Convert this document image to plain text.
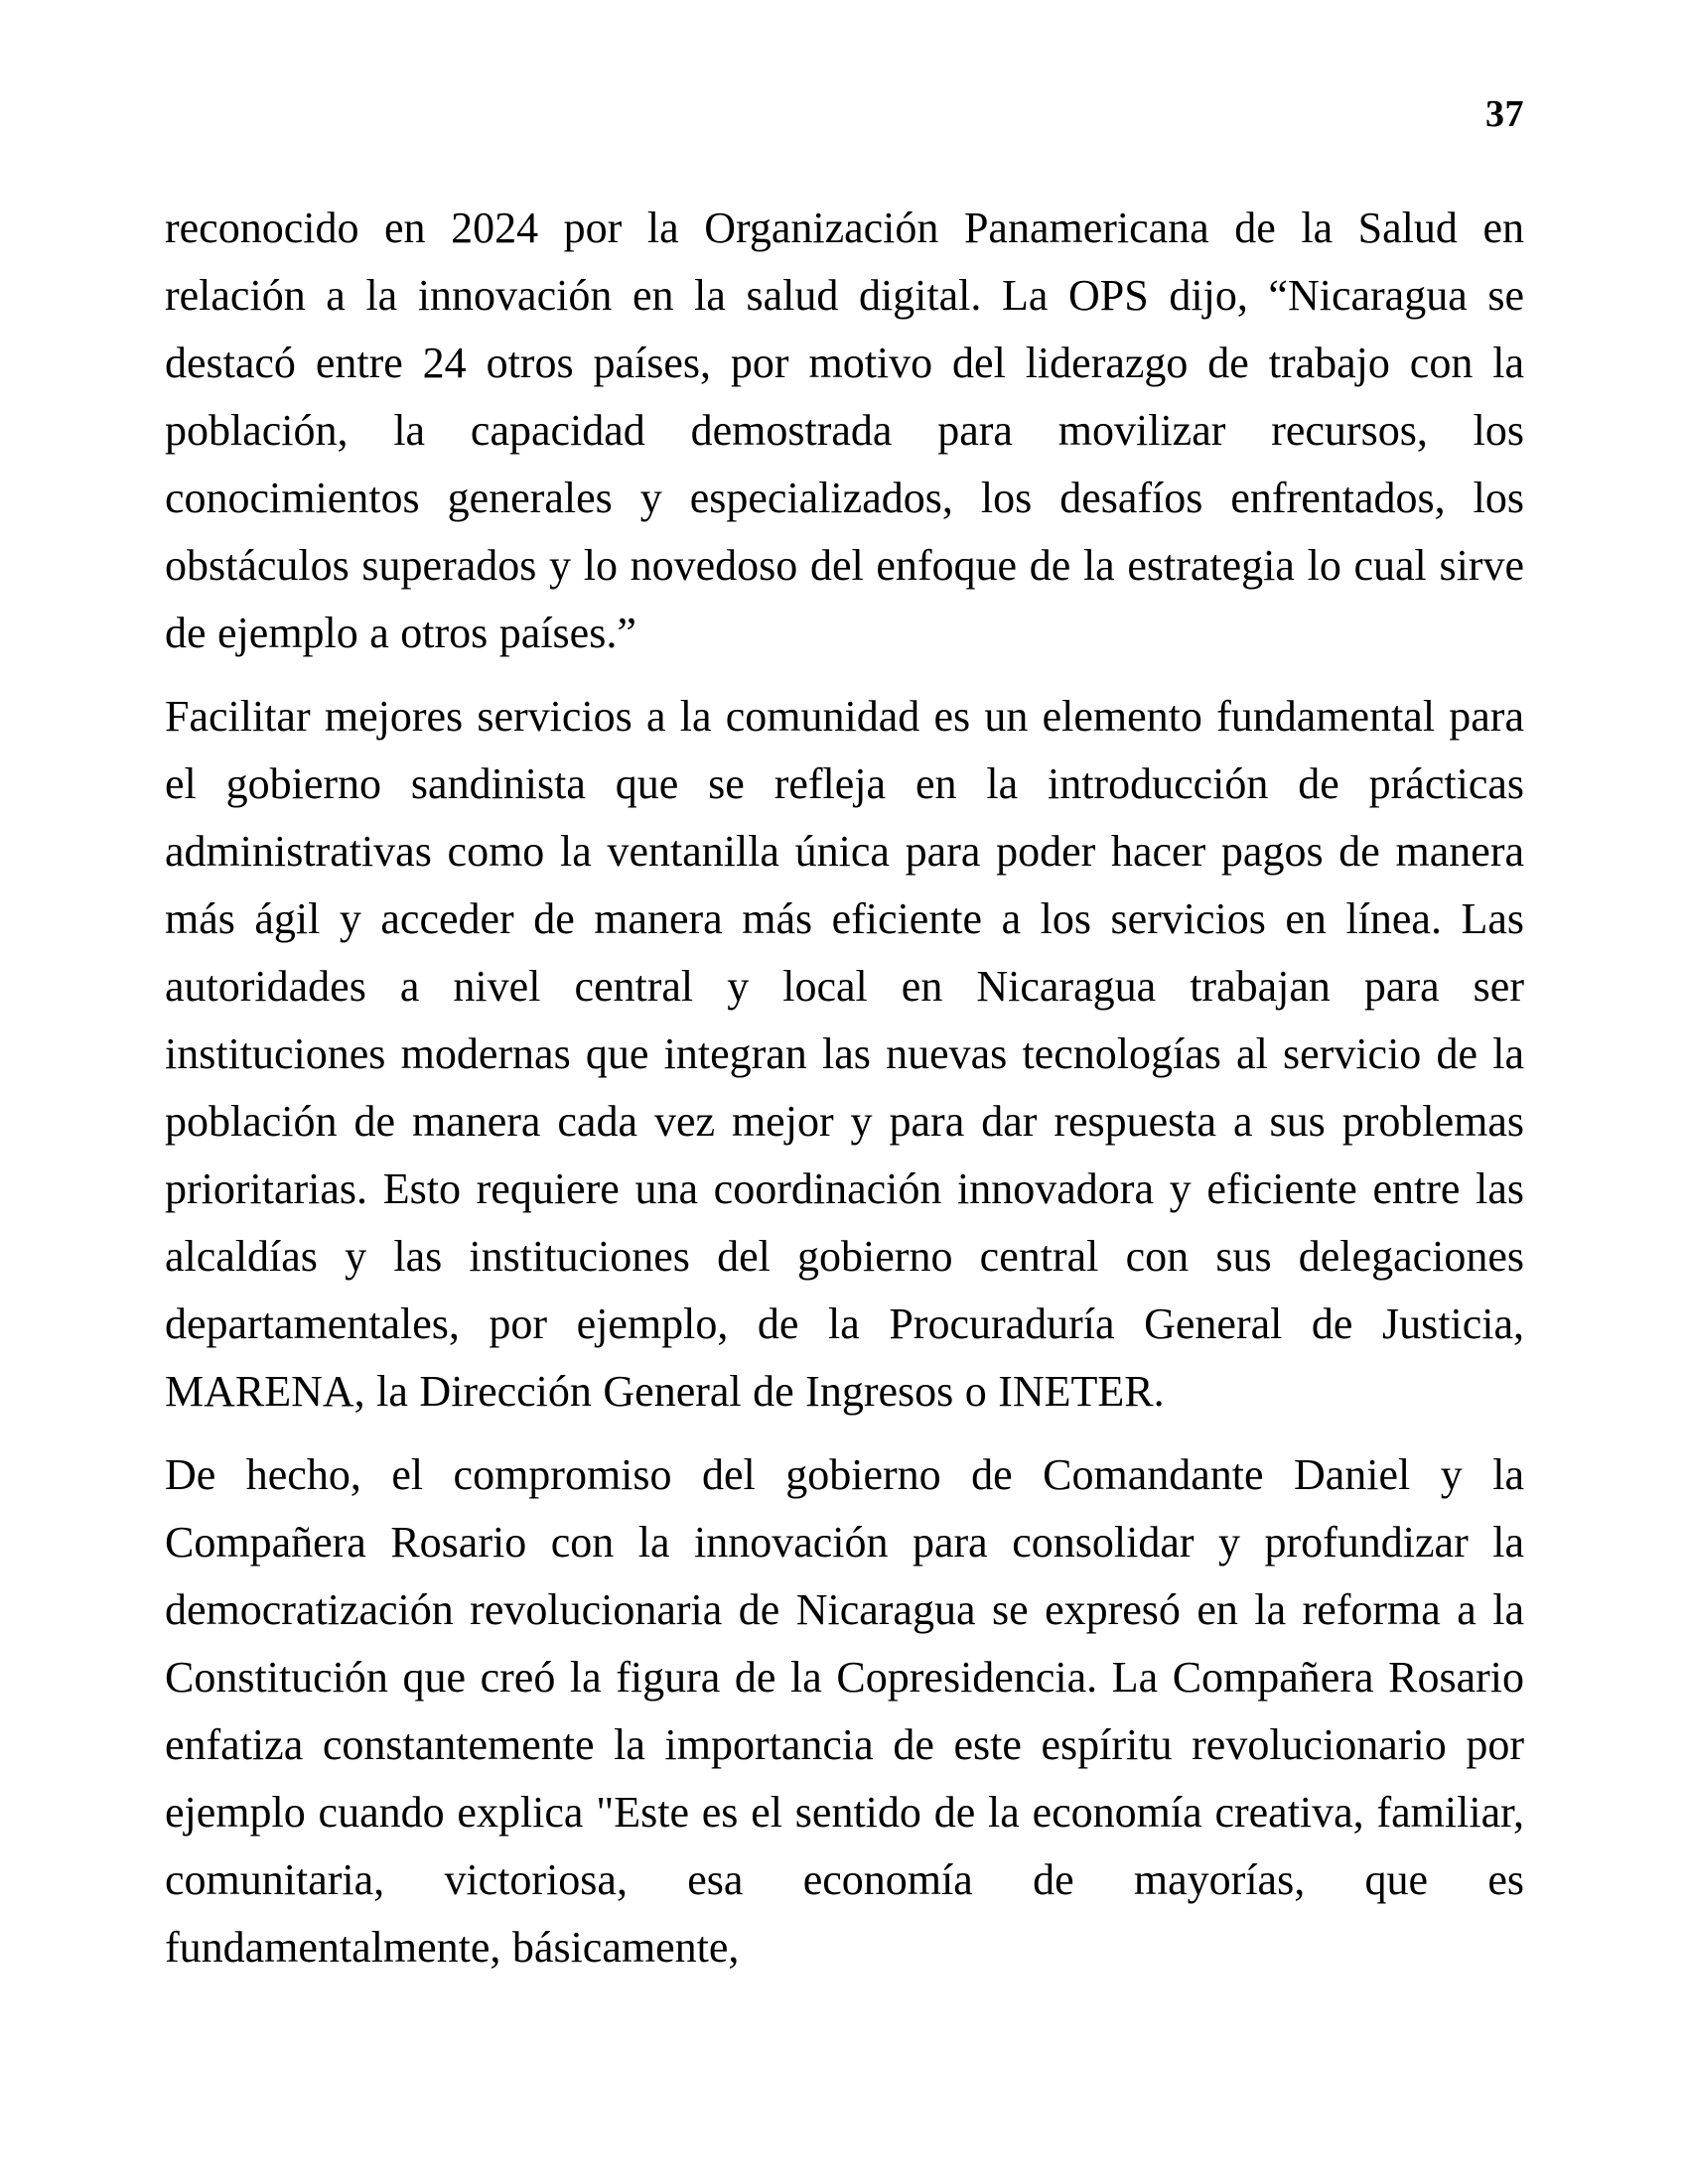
37

reconocido en 2024 por la Organización Panamericana de la Salud en relación a la innovación en la salud digital. La OPS dijo, “Nicaragua se destacó entre 24 otros países, por motivo del liderazgo de trabajo con la población, la capacidad demostrada para movilizar recursos, los conocimientos generales y especializados, los desafíos enfrentados, los obstáculos superados y lo novedoso del enfoque de la estrategia lo cual sirve de ejemplo a otros países.”

Facilitar mejores servicios a la comunidad es un elemento fundamental para el gobierno sandinista que se refleja en la introducción de prácticas administrativas como la ventanilla única para poder hacer pagos de manera más ágil y acceder de manera más eficiente a los servicios en línea. Las autoridades a nivel central y local en Nicaragua trabajan para ser instituciones modernas que integran las nuevas tecnologías al servicio de la población de manera cada vez mejor y para dar respuesta a sus problemas prioritarias. Esto requiere una coordinación innovadora y eficiente entre las alcaldías y las instituciones del gobierno central con sus delegaciones departamentales, por ejemplo, de la Procuraduría General de Justicia, MARENA, la Dirección General de Ingresos o INETER.

De hecho, el compromiso del gobierno de Comandante Daniel y la Compañera Rosario con la innovación para consolidar y profundizar la democratización revolucionaria de Nicaragua se expresó en la reforma a la Constitución que creó la figura de la Copresidencia. La Compañera Rosario enfatiza constantemente la importancia de este espíritu revolucionario por ejemplo cuando explica "Este es el sentido de la economía creativa, familiar, comunitaria, victoriosa, esa economía de mayorías, que es fundamentalmente, básicamente,
